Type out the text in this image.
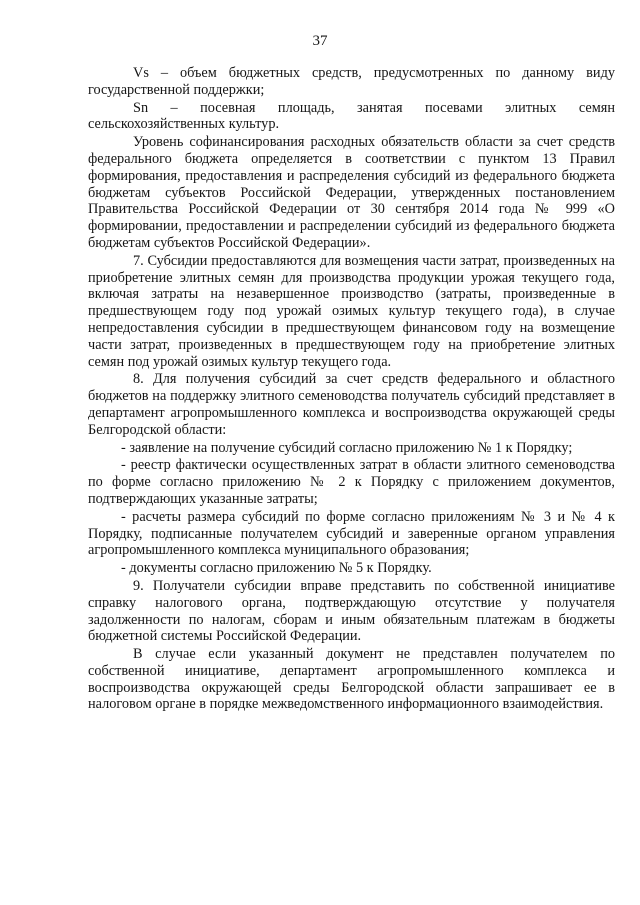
37

Vs – объем бюджетных средств, предусмотренных по данному виду государственной поддержки;

Sn – посевная площадь, занятая посевами элитных семян сельскохозяйственных культур.

Уровень софинансирования расходных обязательств области за счет средств федерального бюджета определяется в соответствии с пунктом 13 Правил формирования, предоставления и распределения субсидий из федерального бюджета бюджетам субъектов Российской Федерации, утвержденных постановлением Правительства Российской Федерации от 30 сентября 2014 года № 999 «О формировании, предоставлении и распределении субсидий из федерального бюджета бюджетам субъектов Российской Федерации».

7. Субсидии предоставляются для возмещения части затрат, произведенных на приобретение элитных семян для производства продукции урожая текущего года, включая затраты на незавершенное производство (затраты, произведенные в предшествующем году под урожай озимых культур текущего года), в случае непредоставления субсидии в предшествующем финансовом году на возмещение части затрат, произведенных в предшествующем году на приобретение элитных семян под урожай озимых культур текущего года.

8. Для получения субсидий за счет средств федерального и областного бюджетов на поддержку элитного семеноводства получатель субсидий представляет в департамент агропромышленного комплекса и воспроизводства окружающей среды Белгородской области:

- заявление на получение субсидий согласно приложению № 1 к Порядку;

- реестр фактически осуществленных затрат в области элитного семеноводства по форме согласно приложению № 2 к Порядку с приложением документов, подтверждающих указанные затраты;

- расчеты размера субсидий по форме согласно приложениям № 3 и № 4 к Порядку, подписанные получателем субсидий и заверенные органом управления агропромышленного комплекса муниципального образования;

- документы согласно приложению № 5 к Порядку.

9. Получатели субсидии вправе представить по собственной инициативе справку налогового органа, подтверждающую отсутствие у получателя задолженности по налогам, сборам и иным обязательным платежам в бюджеты бюджетной системы Российской Федерации.

В случае если указанный документ не представлен получателем по собственной инициативе, департамент агропромышленного комплекса и воспроизводства окружающей среды Белгородской области запрашивает ее в налоговом органе в порядке межведомственного информационного взаимодействия.
